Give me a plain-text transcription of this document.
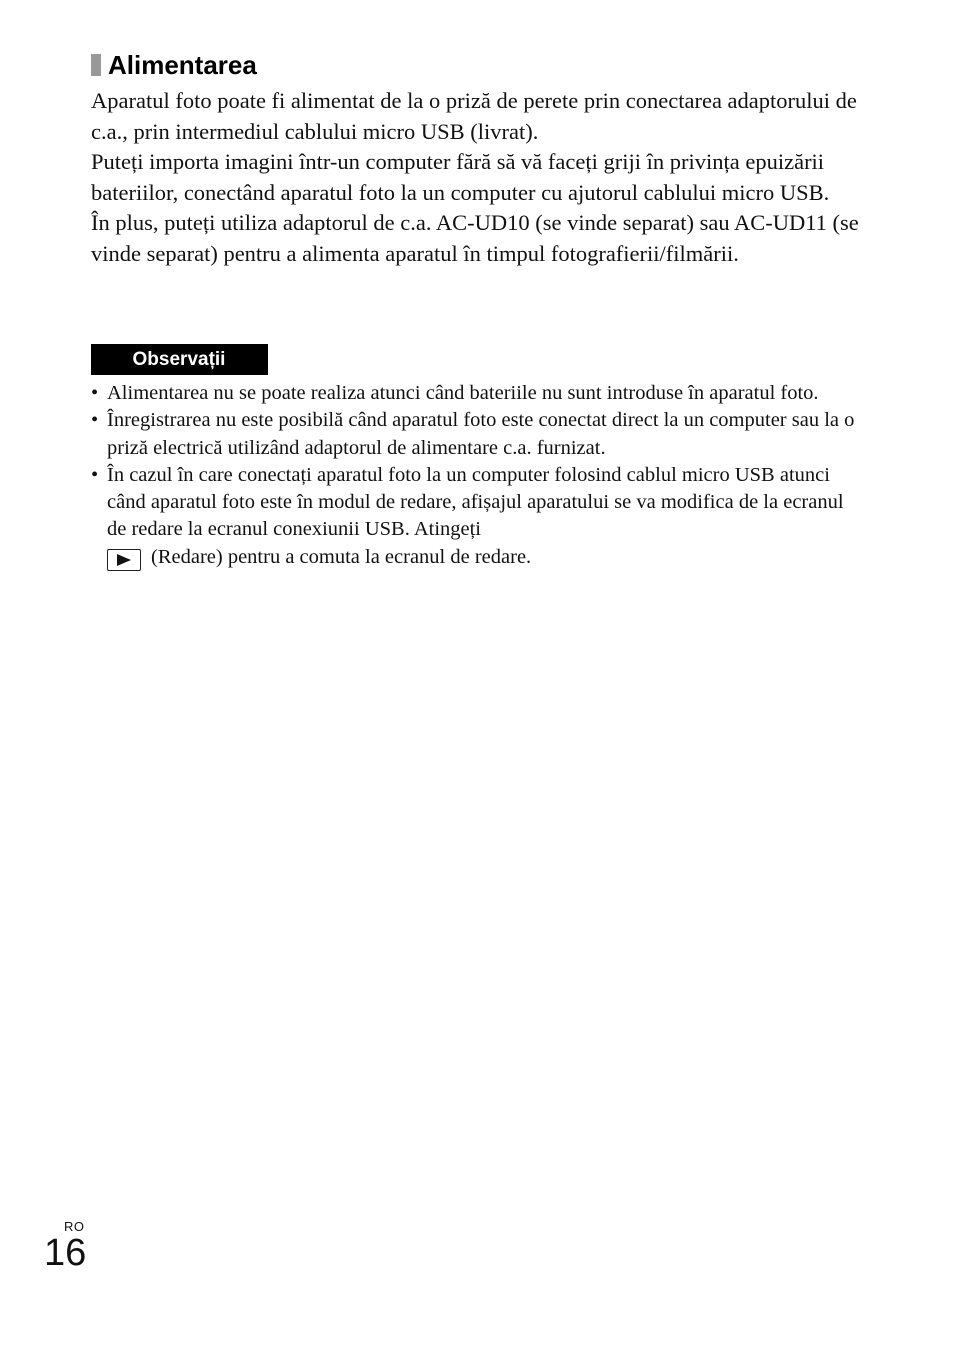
Alimentarea

Aparatul foto poate fi alimentat de la o priză de perete prin conectarea adaptorului de c.a., prin intermediul cablului micro USB (livrat).

Puteți importa imagini într-un computer fără să vă faceți griji în privința epuizării bateriilor, conectând aparatul foto la un computer cu ajutorul cablului micro USB.

În plus, puteți utiliza adaptorul de c.a. AC-UD10 (se vinde separat) sau AC-UD11 (se vinde separat) pentru a alimenta aparatul în timpul fotografierii/filmării.

Observații
• Alimentarea nu se poate realiza atunci când bateriile nu sunt introduse în aparatul foto.
• Înregistrarea nu este posibilă când aparatul foto este conectat direct la un computer sau la o priză electrică utilizând adaptorul de alimentare c.a. furnizat.
• În cazul în care conectați aparatul foto la un computer folosind cablul micro USB atunci când aparatul foto este în modul de redare, afișajul aparatului se va modifica de la ecranul de redare la ecranul conexiunii USB. Atingeți

(Redare) pentru a comuta la ecranul de redare.
RO
16
